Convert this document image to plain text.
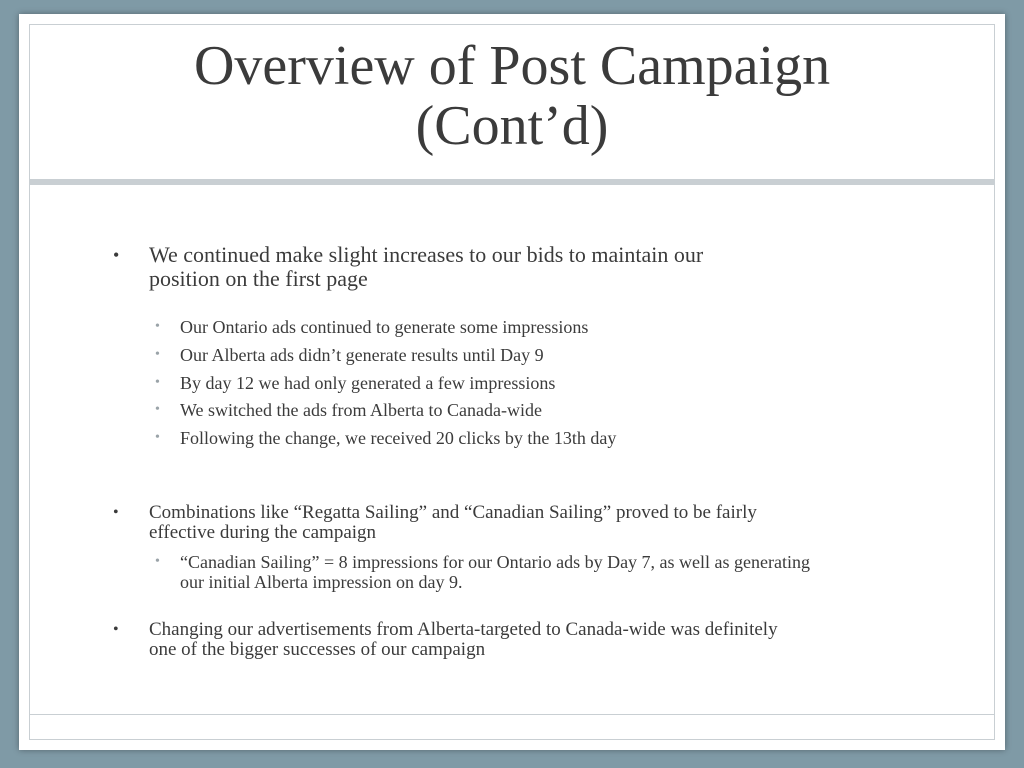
Overview of Post Campaign
(Cont’d)
• We continued make slight increases to our bids to maintain our
position on the first page
• Our Ontario ads continued to generate some impressions
• Our Alberta ads didn’t generate results until Day 9
• By day 12 we had only generated a few impressions
• We switched the ads from Alberta to Canada-wide
• Following the change, we received 20 clicks by the 13th day
• Combinations like “Regatta Sailing” and “Canadian Sailing” proved to be fairly
effective during the campaign
• “Canadian Sailing” = 8 impressions for our Ontario ads by Day 7, as well as generating
our initial Alberta impression on day 9.
• Changing our advertisements from Alberta-targeted to Canada-wide was definitely
one of the bigger successes of our campaign
